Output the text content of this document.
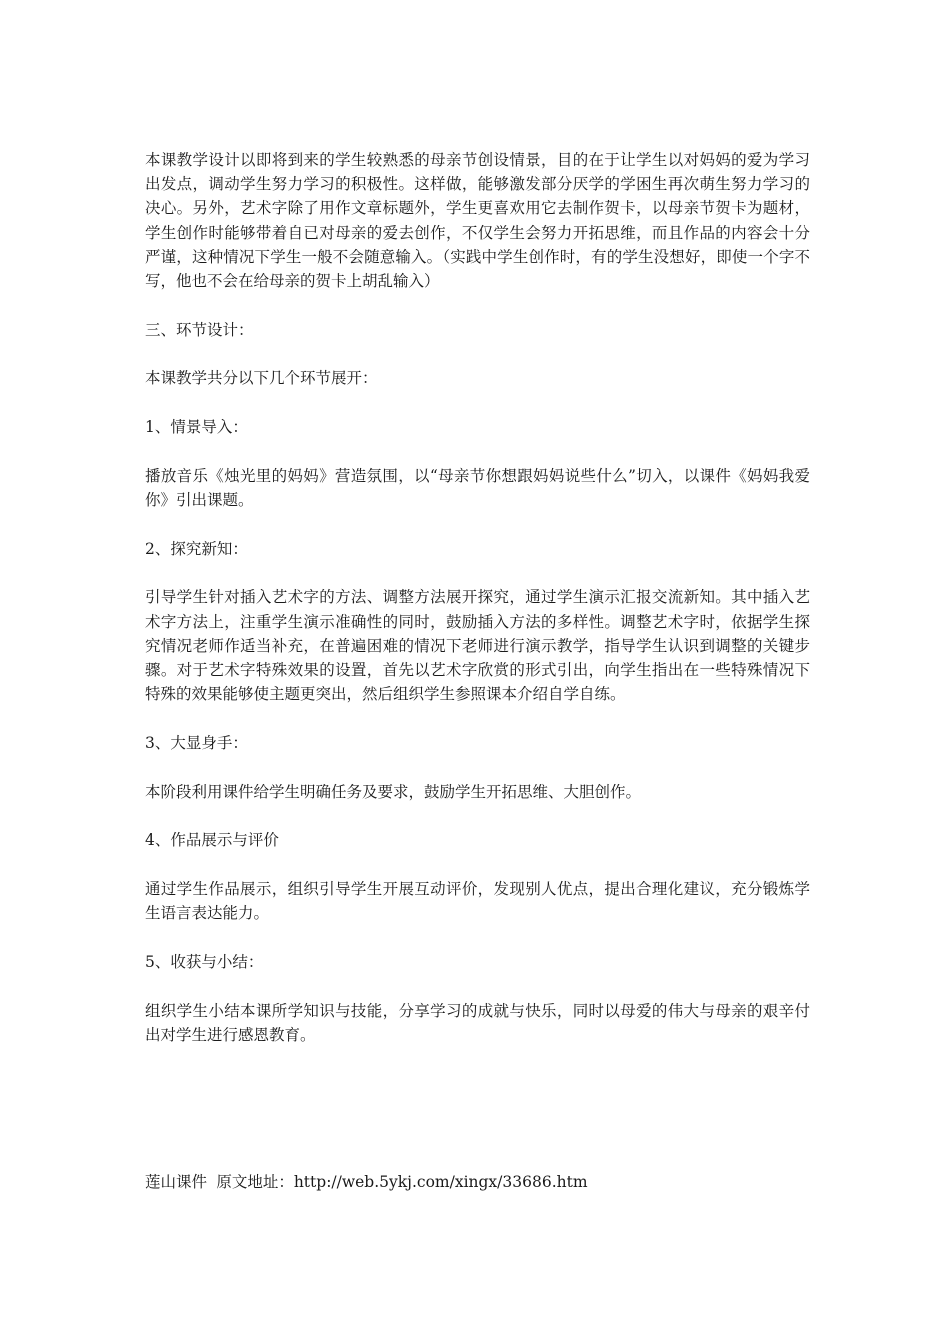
本课教学设计以即将到来的学生较熟悉的母亲节创设情景，目的在于让学生以对妈妈的爱为学习出发点，调动学生努力学习的积极性。这样做，能够激发部分厌学的学困生再次萌生努力学习的决心。另外，艺术字除了用作文章标题外，学生更喜欢用它去制作贺卡，以母亲节贺卡为题材，学生创作时能够带着自已对母亲的爱去创作，不仅学生会努力开拓思维，而且作品的内容会十分严谨，这种情况下学生一般不会随意输入。（实践中学生创作时，有的学生没想好，即使一个字不写，他也不会在给母亲的贺卡上胡乱输入）

三、环节设计：

本课教学共分以下几个环节展开：

1、情景导入：

播放音乐《烛光里的妈妈》营造氛围，以“母亲节你想跟妈妈说些什么”切入，以课件《妈妈我爱你》引出课题。

2、探究新知：

引导学生针对插入艺术字的方法、调整方法展开探究，通过学生演示汇报交流新知。其中插入艺术字方法上，注重学生演示准确性的同时，鼓励插入方法的多样性。调整艺术字时，依据学生探究情况老师作适当补充，在普遍困难的情况下老师进行演示教学，指导学生认识到调整的关键步骤。对于艺术字特殊效果的设置，首先以艺术字欣赏的形式引出，向学生指出在一些特殊情况下特殊的效果能够使主题更突出，然后组织学生参照课本介绍自学自练。

3、大显身手：

本阶段利用课件给学生明确任务及要求，鼓励学生开拓思维、大胆创作。

4、作品展示与评价

通过学生作品展示，组织引导学生开展互动评价，发现别人优点，提出合理化建议，充分锻炼学生语言表达能力。

5、收获与小结：

组织学生小结本课所学知识与技能，分享学习的成就与快乐，同时以母爱的伟大与母亲的艰辛付出对学生进行感恩教育。

莲山课件 原文地址：http://web.5ykj.com/xingx/33686.htm
